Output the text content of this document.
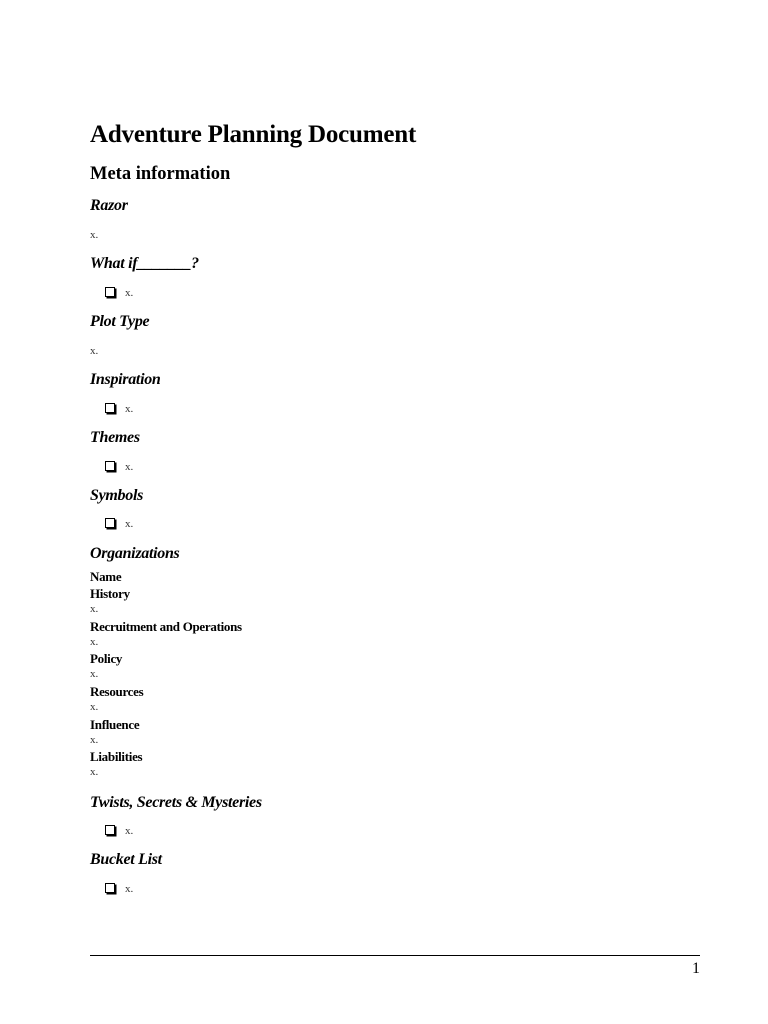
Adventure Planning Document
Meta information
Razor
x.
What if_______?
x.
Plot Type
x.
Inspiration
x.
Themes
x.
Symbols
x.
Organizations
Name
History
x.
Recruitment and Operations
x.
Policy
x.
Resources
x.
Influence
x.
Liabilities
x.
Twists, Secrets & Mysteries
x.
Bucket List
x.
1
